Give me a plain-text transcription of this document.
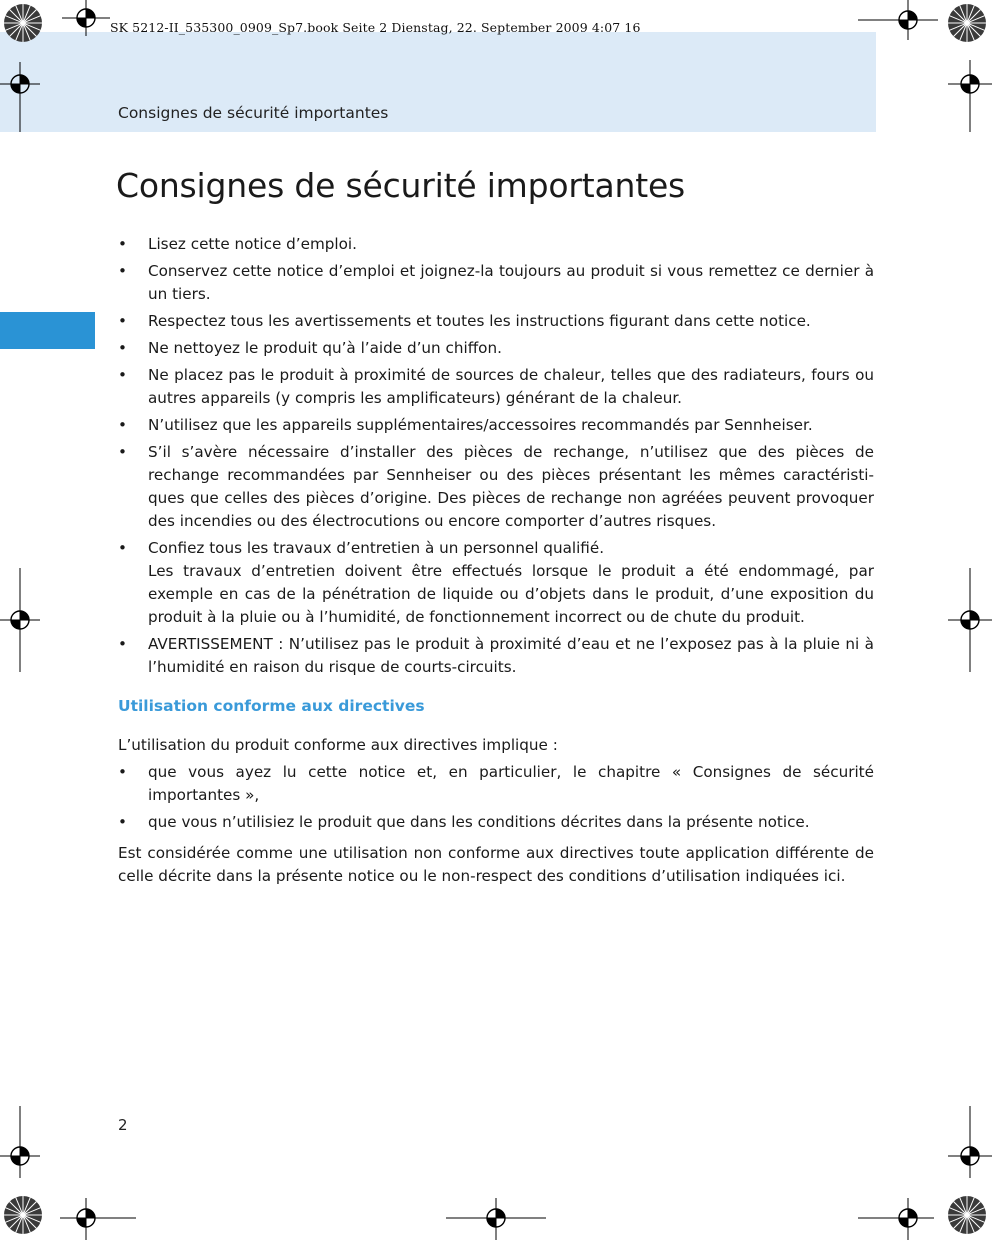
SK 5212-II_535300_0909_Sp7.book Seite 2 Dienstag, 22. September 2009 4:07 16
Consignes de sécurité importantes
Consignes de sécurité importantes
• Lisez cette notice d’emploi.
• Conservez cette notice d’emploi et joignez-la toujours au produit si vous remettez ce dernier à un tiers.
• Respectez tous les avertissements et toutes les instructions figurant dans cette notice.
• Ne nettoyez le produit qu’à l’aide d’un chiffon.
• Ne placez pas le produit à proximité de sources de chaleur, telles que des radiateurs, fours ou autres appareils (y compris les amplificateurs) générant de la chaleur.
• N’utilisez que les appareils supplémentaires/accessoires recommandés par Sennheiser.
• S’il s’avère nécessaire d’installer des pièces de rechange, n’utilisez que des pièces de rechange recommandées par Sennheiser ou des pièces présentant les mêmes caractéristi-ques que celles des pièces d’origine. Des pièces de rechange non agréées peuvent provoquer des incendies ou des électrocutions ou encore comporter d’autres risques.
• Confiez tous les travaux d’entretien à un personnel qualifié.
Les travaux d’entretien doivent être effectués lorsque le produit a été endommagé, par exemple en cas de la pénétration de liquide ou d’objets dans le produit, d’une exposition du produit à la pluie ou à l’humidité, de fonctionnement incorrect ou de chute du produit.
• AVERTISSEMENT : N’utilisez pas le produit à proximité d’eau et ne l’exposez pas à la pluie ni à l’humidité en raison du risque de courts-circuits.
Utilisation conforme aux directives

L’utilisation du produit conforme aux directives implique :

• que vous ayez lu cette notice et, en particulier, le chapitre « Consignes de sécurité importantes »,
• que vous n’utilisiez le produit que dans les conditions décrites dans la présente notice.

Est considérée comme une utilisation non conforme aux directives toute application différente de celle décrite dans la présente notice ou le non-respect des conditions d’utilisation indiquées ici.

2
